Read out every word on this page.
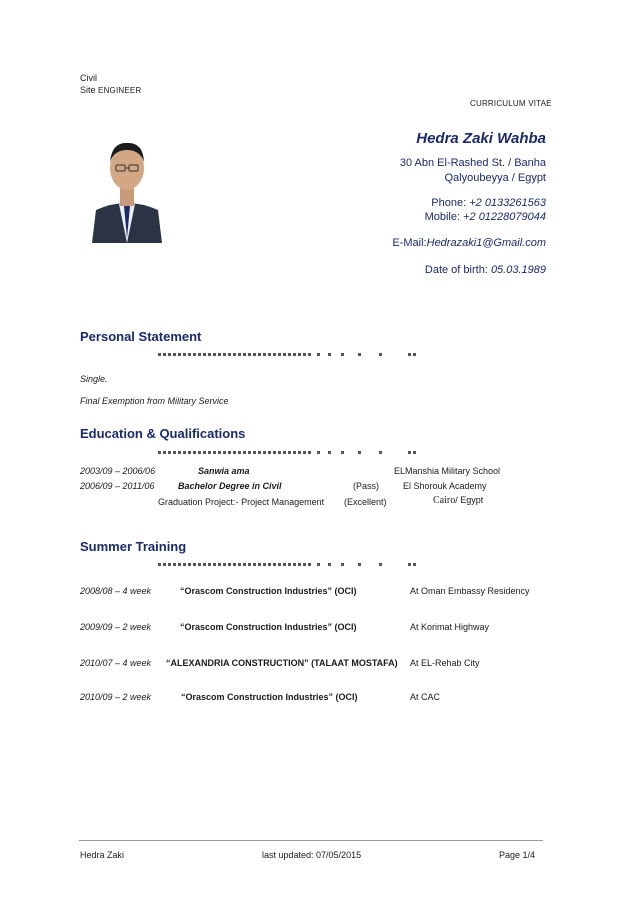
Civil
Site ENGINEER
CURRICULUM VITAE
Hedra Zaki Wahba
30 Abn El-Rashed St. / Banha
Qalyoubeyya / Egypt
Phone: +2 0133261563
Mobile: +2 01228079044
E-Mail:Hedrazaki1@Gmail.com
Date of birth: 05.03.1989
Personal Statement
Single.
Final Exemption from Military Service
Education & Qualifications
2003/09 – 2006/06	Sanwia ama	ELManshia Military School
2006/09 – 2011/06	Bachelor Degree in Civil	(Pass)	El Shorouk Academy
Graduation Project:- Project Management (Excellent)	Cairo/ Egypt
Summer Training
2008/08 – 4 week	“Orascom Construction Industries” (OCI)	At Oman Embassy Residency
2009/09 – 2 week	“Orascom Construction Industries” (OCI)	At Korimat Highway
2010/07 – 4 week “ALEXANDRIA CONSTRUCTION” (TALAAT MOSTAFA) At EL-Rehab City
2010/09 – 2 week	“Orascom Construction Industries” (OCI)	At CAC
Hedra Zaki	last updated: 07/05/2015	Page 1/4
